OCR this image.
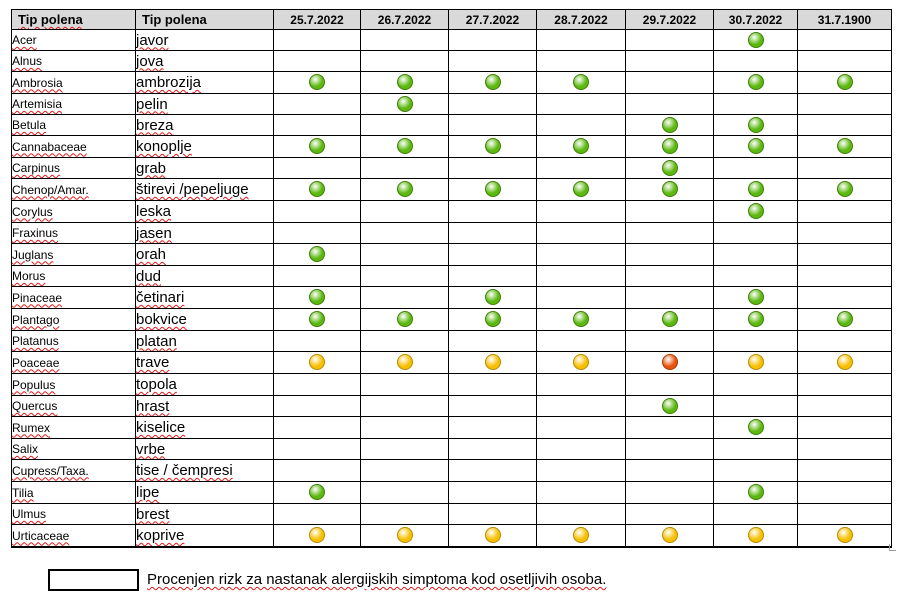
Tip polena	Tip polena	25.7.2022	26.7.2022	27.7.2022	28.7.2022	29.7.2022	30.7.2022	31.7.1900
Acer	javor							
Alnus	jova							
Ambrosia	ambrozija							
Artemisia	pelin							
Betula	breza							
Cannabaceae	konoplje							
Carpinus	grab							
Chenop/Amar.	štirevi /pepeljuge							
Corylus	leska							
Fraxinus	jasen							
Juglans	orah							
Morus	dud							
Pinaceae	četinari							
Plantago	bokvice							
Platanus	platan							
Poaceae	trave							
Populus	topola							
Quercus	hrast							
Rumex	kiselice							
Salix	vrbe							
Cupress/Taxa.	tise / čempresi							
Tilia	lipe							
Ulmus	brest							
Urticaceae	koprive							
Procenjen rizk za nastanak alergijskih simptoma kod osetljivih osoba.
